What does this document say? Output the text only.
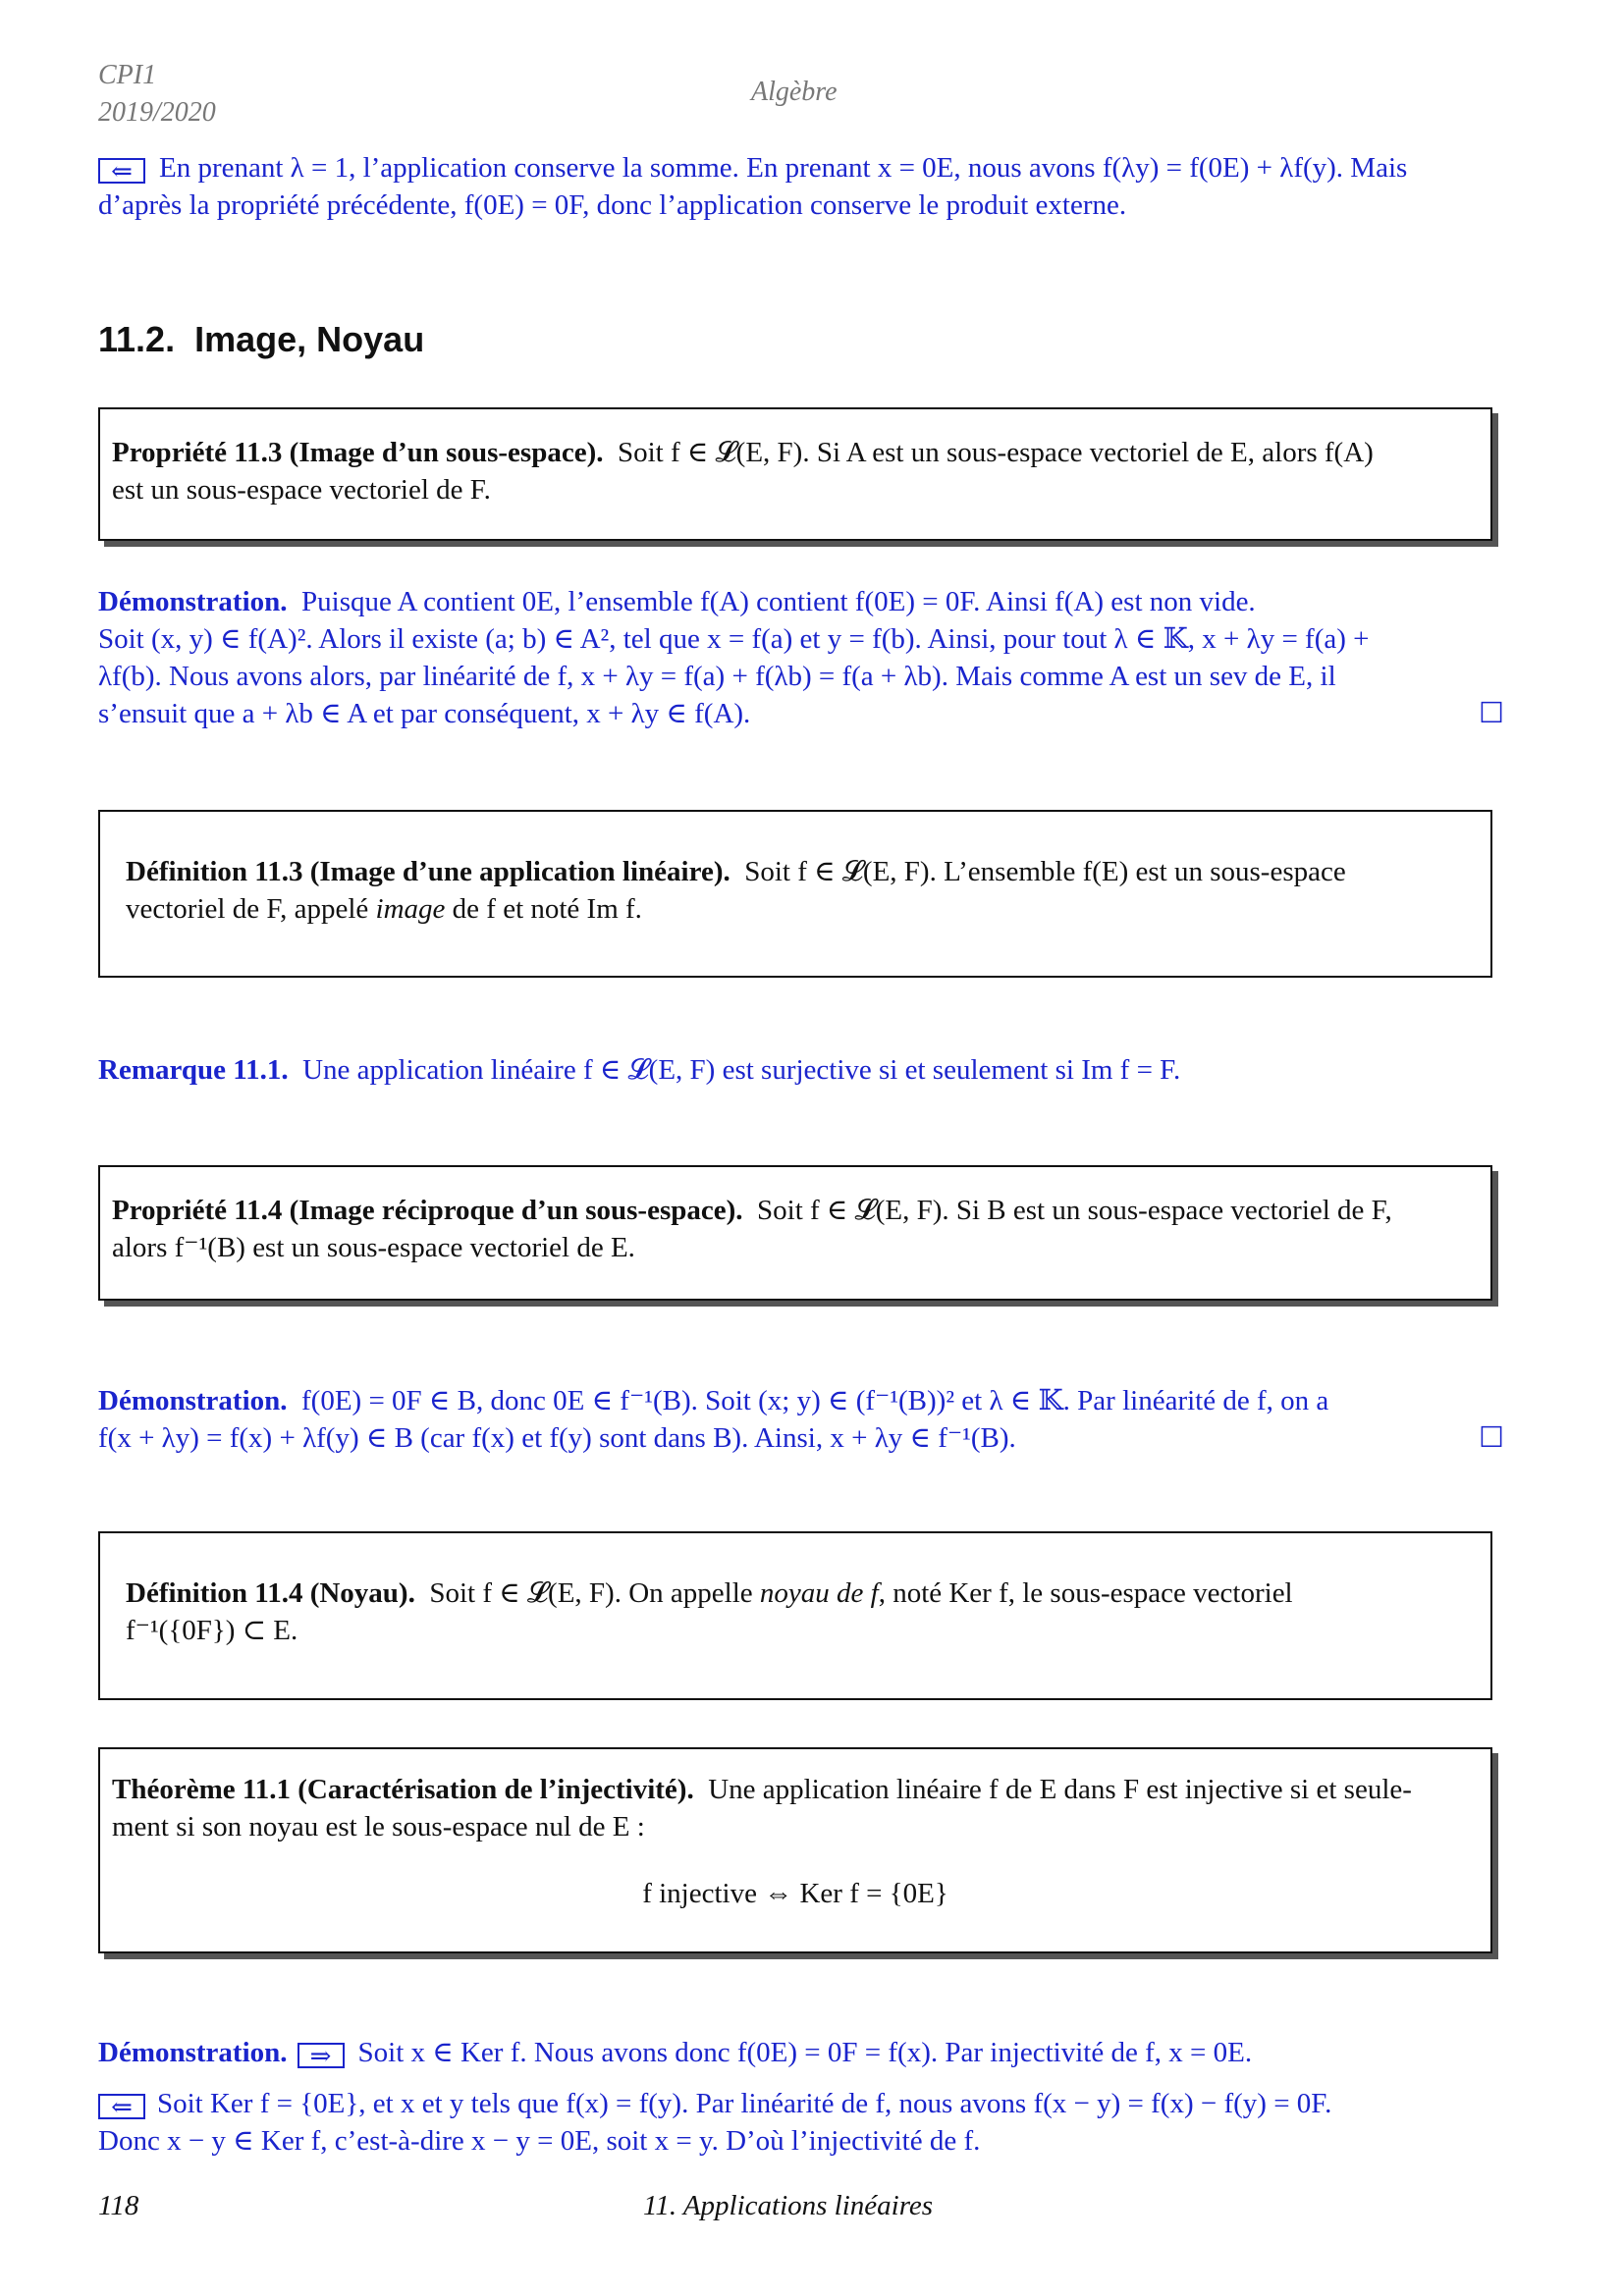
CPI1
2019/2020
Algèbre

⇐ En prenant λ = 1, l’application conserve la somme. En prenant x = 0E, nous avons f(λy) = f(0E) + λf(y). Mais

d’après la propriété précédente, f(0E) = 0F, donc l’application conserve le produit externe.

11.2. Image, Noyau
Propriété 11.3 (Image d’un sous-espace). Soit f ∈ 𝓛(E, F). Si A est un sous-espace vectoriel de E, alors f(A)
est un sous-espace vectoriel de F.

Démonstration. Puisque A contient 0E, l’ensemble f(A) contient f(0E) = 0F. Ainsi f(A) est non vide.

Soit (x, y) ∈ f(A)². Alors il existe (a; b) ∈ A², tel que x = f(a) et y = f(b). Ainsi, pour tout λ ∈ 𝕂, x + λy = f(a) +

λf(b). Nous avons alors, par linéarité de f, x + λy = f(a) + f(λb) = f(a + λb). Mais comme A est un sev de E, il

s’ensuit que a + λb ∈ A et par conséquent, x + λy ∈ f(A).	☐

Définition 11.3 (Image d’une application linéaire). Soit f ∈ 𝓛(E, F). L’ensemble f(E) est un sous-espace
vectoriel de F, appelé image de f et noté Im f.

Remarque 11.1. Une application linéaire f ∈ 𝓛(E, F) est surjective si et seulement si Im f = F.

Propriété 11.4 (Image réciproque d’un sous-espace). Soit f ∈ 𝓛(E, F). Si B est un sous-espace vectoriel de F,
alors f⁻¹(B) est un sous-espace vectoriel de E.

Démonstration. f(0E) = 0F ∈ B, donc 0E ∈ f⁻¹(B). Soit (x; y) ∈ (f⁻¹(B))² et λ ∈ 𝕂. Par linéarité de f, on a

f(x + λy) = f(x) + λf(y) ∈ B (car f(x) et f(y) sont dans B). Ainsi, x + λy ∈ f⁻¹(B).	☐

Définition 11.4 (Noyau). Soit f ∈ 𝓛(E, F). On appelle noyau de f, noté Ker f, le sous-espace vectoriel
f⁻¹({0F}) ⊂ E.
Théorème 11.1 (Caractérisation de l’injectivité). Une application linéaire f de E dans F est injective si et seule-
ment si son noyau est le sous-espace nul de E :
f injective ⇔ Ker f = {0E}

Démonstration. ⇒ Soit x ∈ Ker f. Nous avons donc f(0E) = 0F = f(x). Par injectivité de f, x = 0E.

⇐ Soit Ker f = {0E}, et x et y tels que f(x) = f(y). Par linéarité de f, nous avons f(x − y) = f(x) − f(y) = 0F.

Donc x − y ∈ Ker f, c’est-à-dire x − y = 0E, soit x = y. D’où l’injectivité de f.

118	11. Applications linéaires
